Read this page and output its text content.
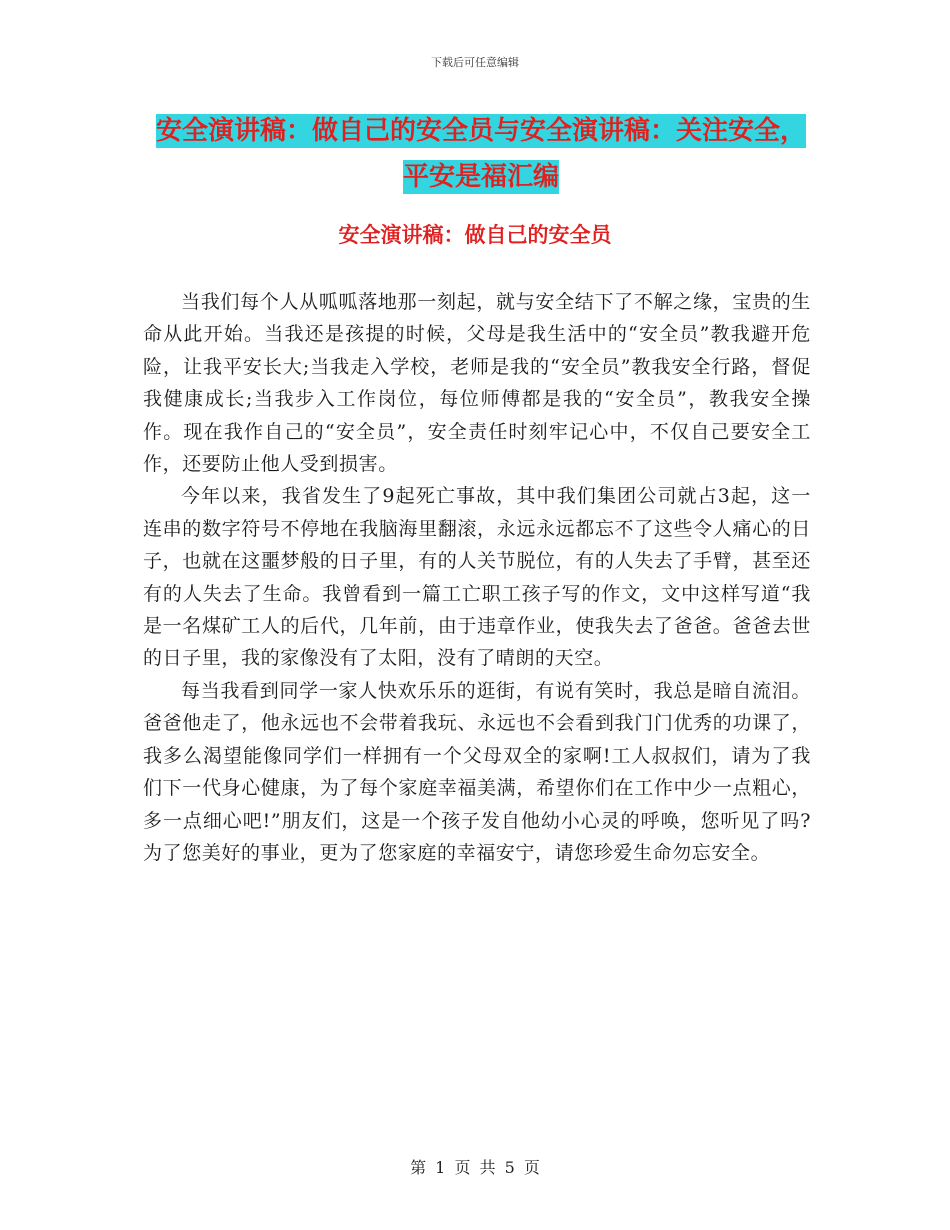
下载后可任意编辑
安全演讲稿：做自己的安全员与安全演讲稿：关注安全，平安是福汇编
安全演讲稿：做自己的安全员

当我们每个人从呱呱落地那一刻起，就与安全结下了不解之缘，宝贵的生命从此开始。当我还是孩提的时候，父母是我生活中的“安全员”教我避开危险，让我平安长大;当我走入学校，老师是我的“安全员”教我安全行路，督促我健康成长;当我步入工作岗位，每位师傅都是我的“安全员”，教我安全操作。现在我作自己的“安全员”，安全责任时刻牢记心中，不仅自己要安全工作，还要防止他人受到损害。

今年以来，我省发生了9起死亡事故，其中我们集团公司就占3起，这一连串的数字符号不停地在我脑海里翻滚，永远永远都忘不了这些令人痛心的日子，也就在这噩梦般的日子里，有的人关节脱位，有的人失去了手臂，甚至还有的人失去了生命。我曾看到一篇工亡职工孩子写的作文，文中这样写道“我是一名煤矿工人的后代，几年前，由于违章作业，使我失去了爸爸。爸爸去世的日子里，我的家像没有了太阳，没有了晴朗的天空。

每当我看到同学一家人快欢乐乐的逛街，有说有笑时，我总是暗自流泪。爸爸他走了，他永远也不会带着我玩、永远也不会看到我门门优秀的功课了，我多么渴望能像同学们一样拥有一个父母双全的家啊!工人叔叔们，请为了我们下一代身心健康，为了每个家庭幸福美满，希望你们在工作中少一点粗心，多一点细心吧!”朋友们，这是一个孩子发自他幼小心灵的呼唤，您听见了吗?为了您美好的事业，更为了您家庭的幸福安宁，请您珍爱生命勿忘安全。

第 1 页 共 5 页
